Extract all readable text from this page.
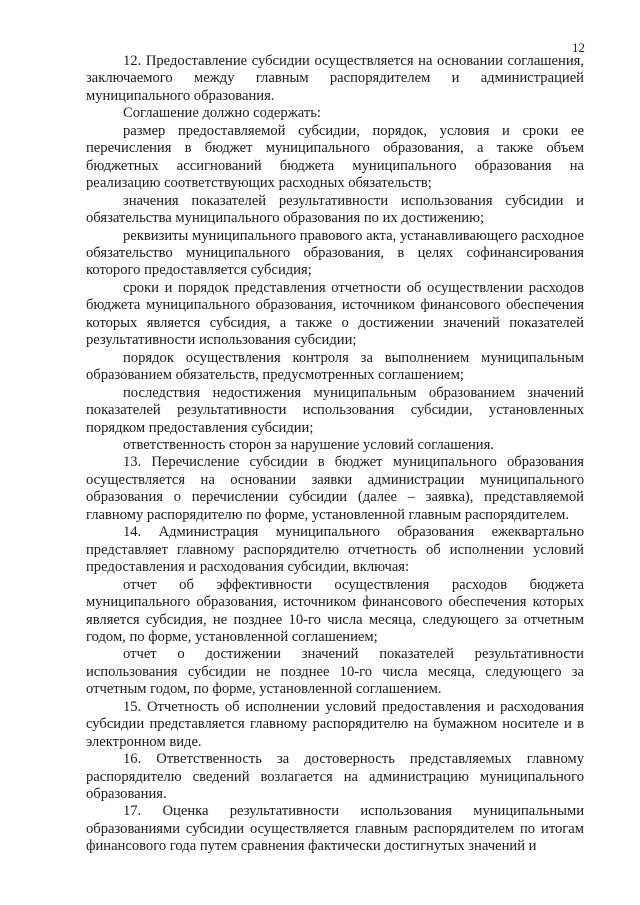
12

12. Предоставление субсидии осуществляется на основании соглашения, заключаемого между главным распорядителем и администрацией муниципального образования.

Соглашение должно содержать:

размер предоставляемой субсидии, порядок, условия и сроки ее перечисления в бюджет муниципального образования, а также объем бюджетных ассигнований бюджета муниципального образования на реализацию соответствующих расходных обязательств;

значения показателей результативности использования субсидии и обязательства муниципального образования по их достижению;

реквизиты муниципального правового акта, устанавливающего расходное обязательство муниципального образования, в целях софинансирования которого предоставляется субсидия;

сроки и порядок представления отчетности об осуществлении расходов бюджета муниципального образования, источником финансового обеспечения которых является субсидия, а также о достижении значений показателей результативности использования субсидии;

порядок осуществления контроля за выполнением муниципальным образованием обязательств, предусмотренных соглашением;

последствия недостижения муниципальным образованием значений показателей результативности использования субсидии, установленных порядком предоставления субсидии;

ответственность сторон за нарушение условий соглашения.

13. Перечисление субсидии в бюджет муниципального образования осуществляется на основании заявки администрации муниципального образования о перечислении субсидии (далее – заявка), представляемой главному распорядителю по форме, установленной главным распорядителем.

14. Администрация муниципального образования ежеквартально представляет главному распорядителю отчетность об исполнении условий предоставления и расходования субсидии, включая:

отчет об эффективности осуществления расходов бюджета муниципального образования, источником финансового обеспечения которых является субсидия, не позднее 10-го числа месяца, следующего за отчетным годом, по форме, установленной соглашением;

отчет о достижении значений показателей результативности использования субсидии не позднее 10-го числа месяца, следующего за отчетным годом, по форме, установленной соглашением.

15. Отчетность об исполнении условий предоставления и расходования субсидии представляется главному распорядителю на бумажном носителе и в электронном виде.

16. Ответственность за достоверность представляемых главному распорядителю сведений возлагается на администрацию муниципального образования.

17. Оценка результативности использования муниципальными образованиями субсидии осуществляется главным распорядителем по итогам финансового года путем сравнения фактически достигнутых значений и
